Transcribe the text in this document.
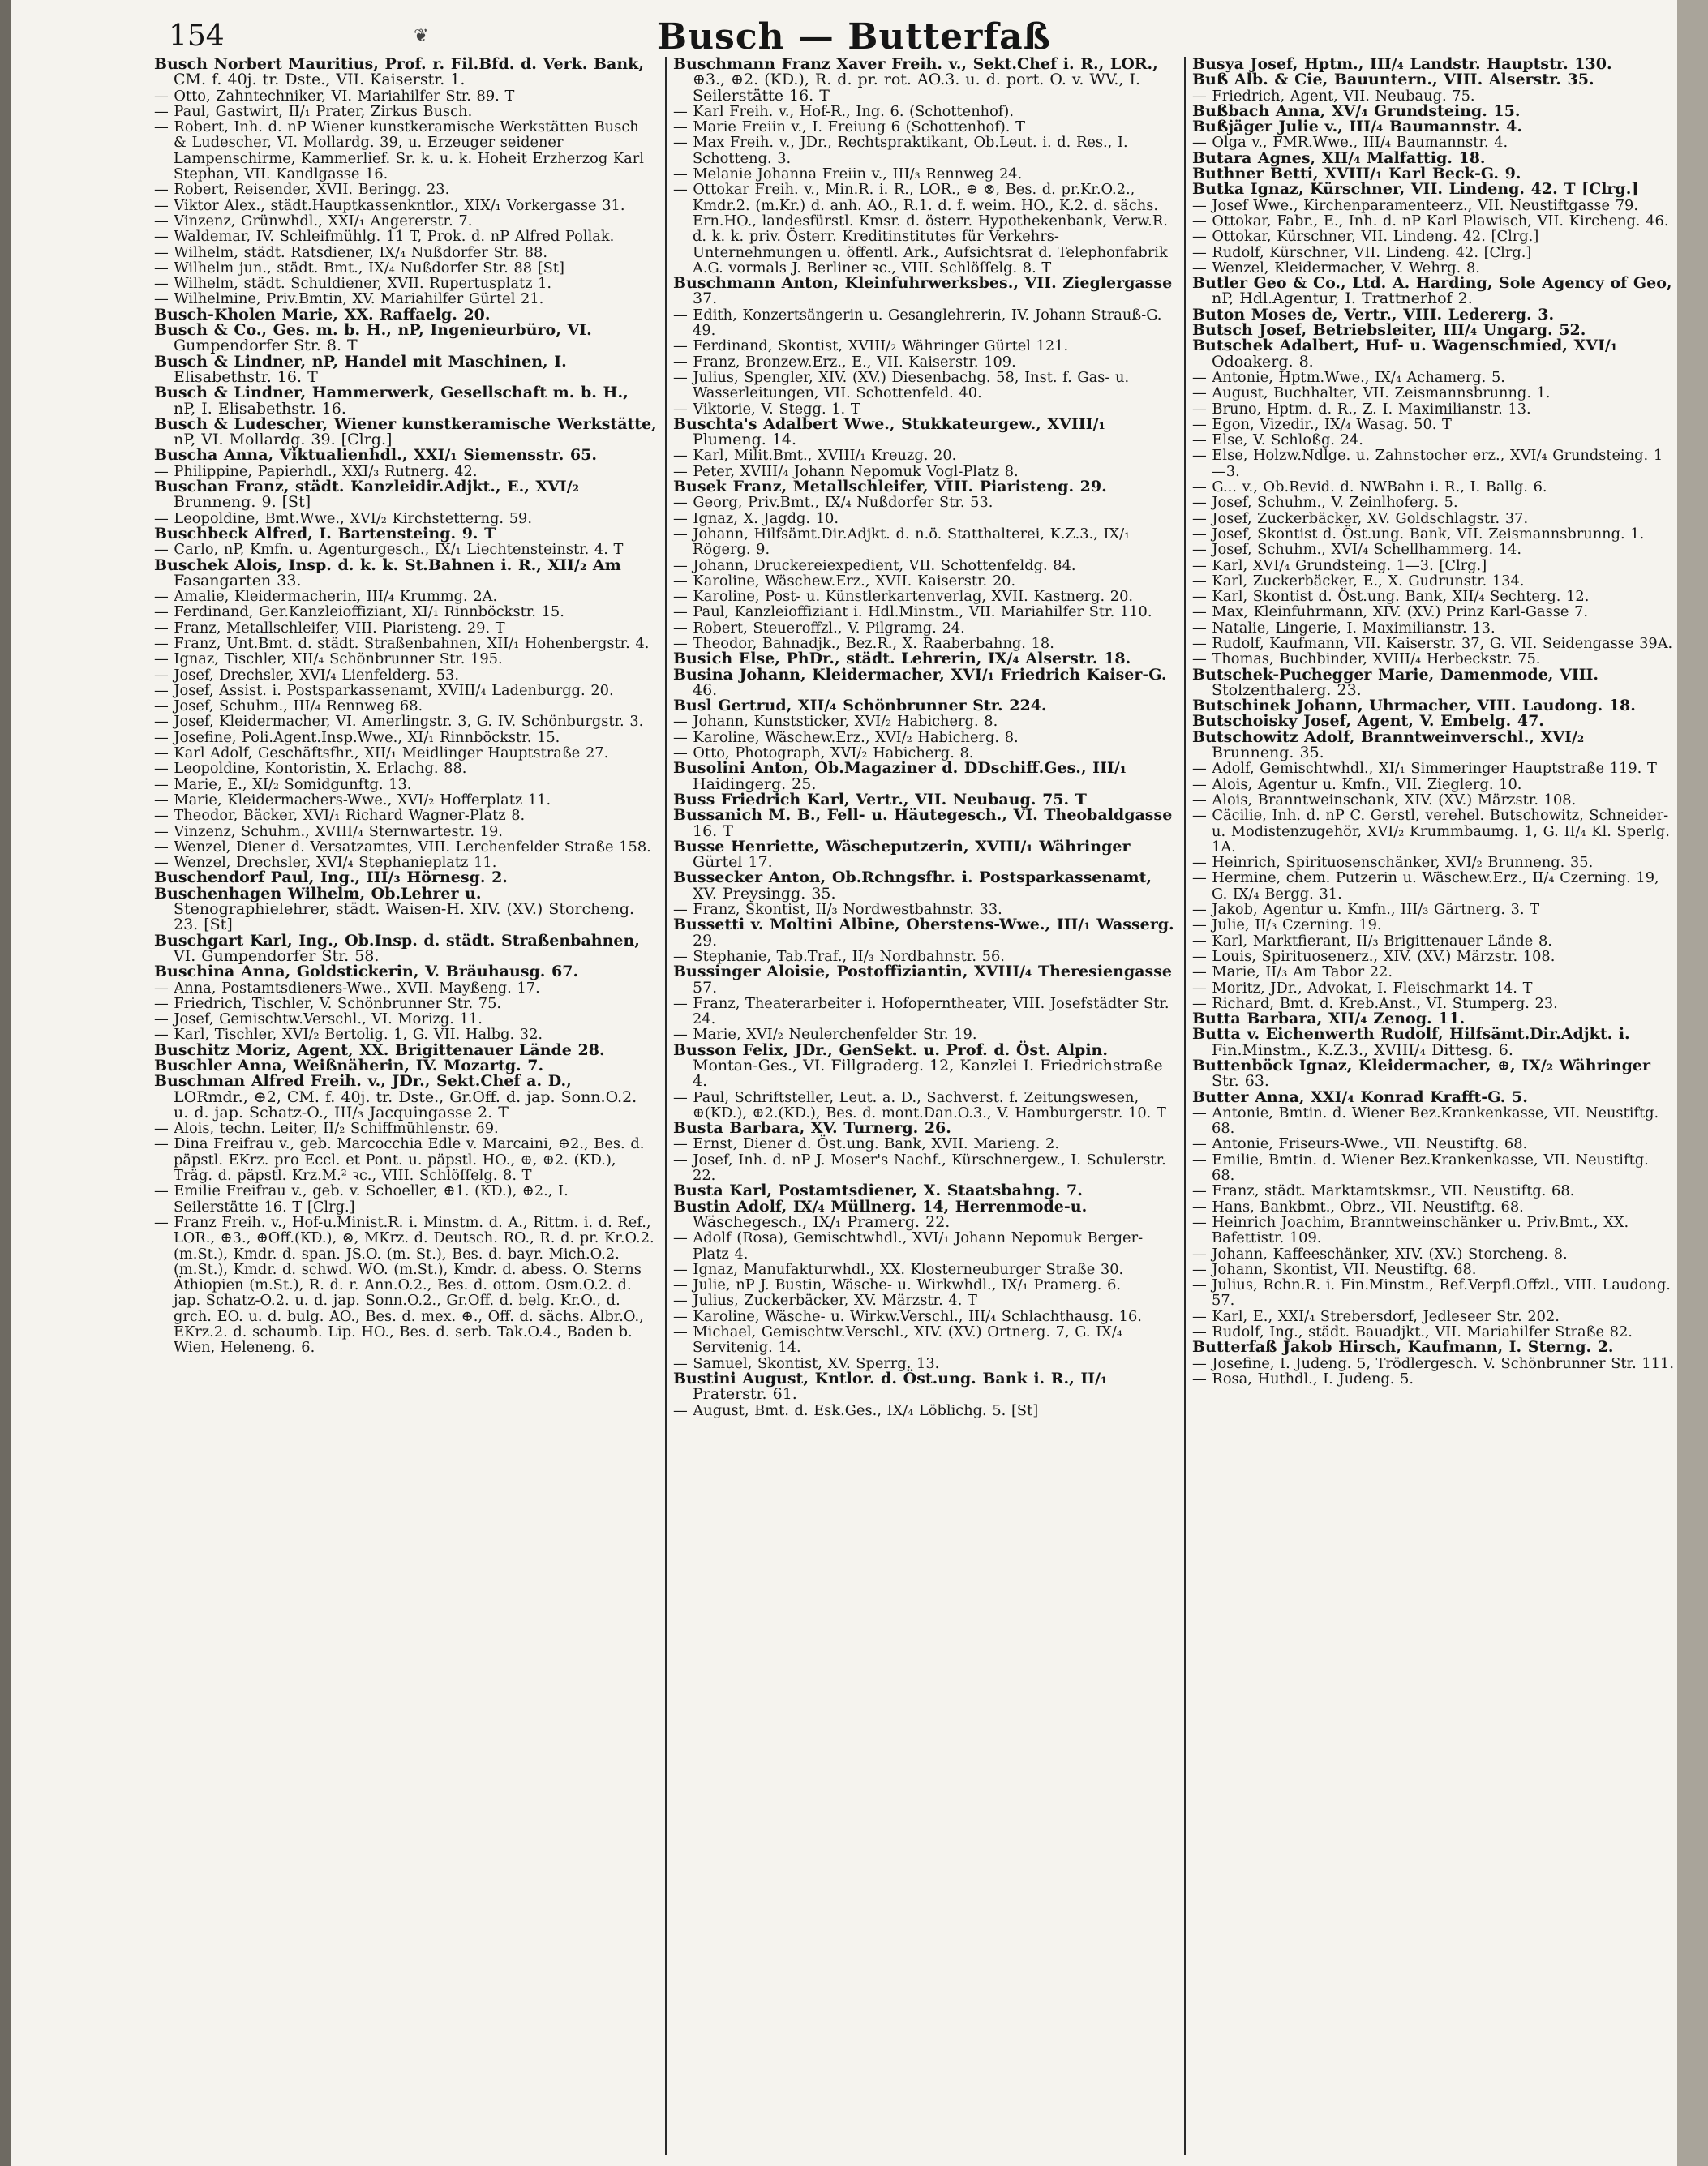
154	❦	Busch — Butterfaß
Busch Norbert Mauritius, Prof. r. Fil.Bfd. d. Verk. Bank, CM. f. 40j. tr. Dste., VII. Kaiserstr. 1.
— Otto, Zahntechniker, VI. Mariahilfer Str. 89. T
— Paul, Gastwirt, II/₁ Prater, Zirkus Busch.
— Robert, Inh. d. nP Wiener kunstkeramische Werkstätten Busch & Ludescher, VI. Mollardg. 39, u. Erzeuger seidener Lampenschirme, Kammerlief. Sr. k. u. k. Hoheit Erzherzog Karl Stephan, VII. Kandlgasse 16.
— Robert, Reisender, XVII. Beringg. 23.
— Viktor Alex., städt.Hauptkassenkntlor., XIX/₁ Vorkergasse 31.
— Vinzenz, Grünwhdl., XXI/₁ Angererstr. 7.
— Waldemar, IV. Schleifmühlg. 11 T, Prok. d. nP Alfred Pollak.
— Wilhelm, städt. Ratsdiener, IX/₄ Nußdorfer Str. 88.
— Wilhelm jun., städt. Bmt., IX/₄ Nußdorfer Str. 88 [St]
— Wilhelm, städt. Schuldiener, XVII. Rupertusplatz 1.
— Wilhelmine, Priv.Bmtin, XV. Mariahilfer Gürtel 21.
Busch-Kholen Marie, XX. Raffaelg. 20.
Busch & Co., Ges. m. b. H., nP, Ingenieurbüro, VI. Gumpendorfer Str. 8. T
Busch & Lindner, nP, Handel mit Maschinen, I. Elisabethstr. 16. T
Busch & Lindner, Hammerwerk, Gesellschaft m. b. H., nP, I. Elisabethstr. 16.
Busch & Ludescher, Wiener kunstkeramische Werkstätte, nP, VI. Mollardg. 39. [Clrg.]
Buscha Anna, Viktualienhdl., XXI/₁ Siemensstr. 65.
— Philippine, Papierhdl., XXI/₃ Rutnerg. 42.
Buschan Franz, städt. Kanzleidir.Adjkt., E., XVI/₂ Brunneng. 9. [St]
— Leopoldine, Bmt.Wwe., XVI/₂ Kirchstetterng. 59.
Buschbeck Alfred, I. Bartensteing. 9. T
— Carlo, nP, Kmfn. u. Agenturgesch., IX/₁ Liechtensteinstr. 4. T
Buschek Alois, Insp. d. k. k. St.Bahnen i. R., XII/₂ Am Fasangarten 33.
— Amalie, Kleidermacherin, III/₄ Krummg. 2A.
— Ferdinand, Ger.Kanzleioffiziant, XI/₁ Rinnböckstr. 15.
— Franz, Metallschleifer, VIII. Piaristeng. 29. T
— Franz, Unt.Bmt. d. städt. Straßenbahnen, XII/₁ Hohenbergstr. 4.
— Ignaz, Tischler, XII/₄ Schönbrunner Str. 195.
— Josef, Drechsler, XVI/₄ Lienfelderg. 53.
— Josef, Assist. i. Postsparkassenamt, XVIII/₄ Ladenburgg. 20.
— Josef, Schuhm., III/₄ Rennweg 68.
— Josef, Kleidermacher, VI. Amerlingstr. 3, G. IV. Schönburgstr. 3.
— Josefine, Poli.Agent.Insp.Wwe., XI/₁ Rinnböckstr. 15.
— Karl Adolf, Geschäftsfhr., XII/₁ Meidlinger Hauptstraße 27.
— Leopoldine, Kontoristin, X. Erlachg. 88.
— Marie, E., XI/₂ Somidgunftg. 13.
— Marie, Kleidermachers-Wwe., XVI/₂ Hofferplatz 11.
— Theodor, Bäcker, XVI/₁ Richard Wagner-Platz 8.
— Vinzenz, Schuhm., XVIII/₄ Sternwartestr. 19.
— Wenzel, Diener d. Versatzamtes, VIII. Lerchenfelder Straße 158.
— Wenzel, Drechsler, XVI/₄ Stephanieplatz 11.
Buschendorf Paul, Ing., III/₃ Hörnesg. 2.
Buschenhagen Wilhelm, Ob.Lehrer u. Stenographielehrer, städt. Waisen-H. XIV. (XV.) Storcheng. 23. [St]
Buschgart Karl, Ing., Ob.Insp. d. städt. Straßenbahnen, VI. Gumpendorfer Str. 58.
Buschina Anna, Goldstickerin, V. Bräuhausg. 67.
— Anna, Postamtsdieners-Wwe., XVII. Mayßeng. 17.
— Friedrich, Tischler, V. Schönbrunner Str. 75.
— Josef, Gemischtw.Verschl., VI. Morizg. 11.
— Karl, Tischler, XVI/₂ Bertolig. 1, G. VII. Halbg. 32.
Buschitz Moriz, Agent, XX. Brigittenauer Lände 28.
Buschler Anna, Weißnäherin, IV. Mozartg. 7.
Buschman Alfred Freih. v., JDr., Sekt.Chef a. D., LORmdr., ⊕2, CM. f. 40j. tr. Dste., Gr.Off. d. jap. Sonn.O.2. u. d. jap. Schatz-O., III/₃ Jacquingasse 2. T
— Alois, techn. Leiter, II/₂ Schiffmühlenstr. 69.
— Dina Freifrau v., geb. Marcocchia Edle v. Marcaini, ⊕2., Bes. d. päpstl. EKrz. pro Eccl. et Pont. u. päpstl. HO., ⊕, ⊕2. (KD.), Träg. d. päpstl. Krz.M.² ꝛc., VIII. Schlöſſelg. 8. T
— Emilie Freifrau v., geb. v. Schoeller, ⊕1. (KD.), ⊕2., I. Seilerstätte 16. T [Clrg.]
— Franz Freih. v., Hof-u.Minist.R. i. Minstm. d. A., Rittm. i. d. Ref., LOR., ⊕3., ⊕Off.(KD.), ⊗, MKrz. d. Deutsch. RO., R. d. pr. Kr.O.2. (m.St.), Kmdr. d. span. JS.O. (m. St.), Bes. d. bayr. Mich.O.2. (m.St.), Kmdr. d. schwd. WO. (m.St.), Kmdr. d. abess. O. Sterns Äthiopien (m.St.), R. d. r. Ann.O.2., Bes. d. ottom. Osm.O.2. d. jap. Schatz-O.2. u. d. jap. Sonn.O.2., Gr.Off. d. belg. Kr.O., d. grch. EO. u. d. bulg. AO., Bes. d. mex. ⊕., Off. d. sächs. Albr.O., EKrz.2. d. schaumb. Lip. HO., Bes. d. serb. Tak.O.4., Baden b. Wien, Heleneng. 6.
Buschmann Franz Xaver Freih. v., Sekt.Chef i. R., LOR., ⊕3., ⊕2. (KD.), R. d. pr. rot. AO.3. u. d. port. O. v. WV., I. Seilerstätte 16. T
— Karl Freih. v., Hof-R., Ing. 6. (Schottenhof).
— Marie Freiin v., I. Freiung 6 (Schottenhof). T
— Max Freih. v., JDr., Rechtspraktikant, Ob.Leut. i. d. Res., I. Schotteng. 3.
— Melanie Johanna Freiin v., III/₃ Rennweg 24.
— Ottokar Freih. v., Min.R. i. R., LOR., ⊕ ⊗, Bes. d. pr.Kr.O.2., Kmdr.2. (m.Kr.) d. anh. AO., R.1. d. f. weim. HO., K.2. d. sächs. Ern.HO., landesfürstl. Kmsr. d. österr. Hypothekenbank, Verw.R. d. k. k. priv. Österr. Kreditinstitutes für Verkehrs-Unternehmungen u. öffentl. Ark., Aufsichtsrat d. Telephonfabrik A.G. vormals J. Berliner ꝛc., VIII. Schlöſſelg. 8. T
Buschmann Anton, Kleinfuhrwerksbes., VII. Zieglergasse 37.
— Edith, Konzertsängerin u. Gesanglehrerin, IV. Johann Strauß-G. 49.
— Ferdinand, Skontist, XVIII/₂ Währinger Gürtel 121.
— Franz, Bronzew.Erz., E., VII. Kaiserstr. 109.
— Julius, Spengler, XIV. (XV.) Diesenbachg. 58, Inst. f. Gas- u. Wasserleitungen, VII. Schottenfeld. 40.
— Viktorie, V. Stegg. 1. T
Buschta's Adalbert Wwe., Stukkateurgew., XVIII/₁ Plumeng. 14.
— Karl, Milit.Bmt., XVIII/₁ Kreuzg. 20.
— Peter, XVIII/₄ Johann Nepomuk Vogl-Platz 8.
Busek Franz, Metallschleifer, VIII. Piaristeng. 29.
— Georg, Priv.Bmt., IX/₄ Nußdorfer Str. 53.
— Ignaz, X. Jagdg. 10.
— Johann, Hilfsämt.Dir.Adjkt. d. n.ö. Statthalterei, K.Z.3., IX/₁ Rögerg. 9.
— Johann, Druckereiexpedient, VII. Schottenfeldg. 84.
— Karoline, Wäschew.Erz., XVII. Kaiserstr. 20.
— Karoline, Post- u. Künstlerkartenverlag, XVII. Kastnerg. 20.
— Paul, Kanzleioffiziant i. Hdl.Minstm., VII. Mariahilfer Str. 110.
— Robert, Steueroffzl., V. Pilgramg. 24.
— Theodor, Bahnadjk., Bez.R., X. Raaberbahng. 18.
Busich Else, PhDr., städt. Lehrerin, IX/₄ Alserstr. 18.
Busina Johann, Kleidermacher, XVI/₁ Friedrich Kaiser-G. 46.
Busl Gertrud, XII/₄ Schönbrunner Str. 224.
— Johann, Kunststicker, XVI/₂ Habicherg. 8.
— Karoline, Wäschew.Erz., XVI/₂ Habicherg. 8.
— Otto, Photograph, XVI/₂ Habicherg. 8.
Busolini Anton, Ob.Magaziner d. DDschiff.Ges., III/₁ Haidingerg. 25.
Buss Friedrich Karl, Vertr., VII. Neubaug. 75. T
Bussanich M. B., Fell- u. Häutegesch., VI. Theobaldgasse 16. T
Busse Henriette, Wäscheputzerin, XVIII/₁ Währinger Gürtel 17.
Bussecker Anton, Ob.Rchngsfhr. i. Postsparkassenamt, XV. Preysingg. 35.
— Franz, Skontist, II/₃ Nordwestbahnstr. 33.
Bussetti v. Moltini Albine, Oberstens-Wwe., III/₁ Wasserg. 29.
— Stephanie, Tab.Traf., II/₃ Nordbahnstr. 56.
Bussinger Aloisie, Postoffiziantin, XVIII/₄ Theresiengasse 57.
— Franz, Theaterarbeiter i. Hofoperntheater, VIII. Josefstädter Str. 24.
— Marie, XVI/₂ Neulerchenfelder Str. 19.
Busson Felix, JDr., GenSekt. u. Prof. d. Öst. Alpin. Montan-Ges., VI. Fillgraderg. 12, Kanzlei I. Friedrichstraße 4.
— Paul, Schriftsteller, Leut. a. D., Sachverst. f. Zeitungswesen, ⊕(KD.), ⊕2.(KD.), Bes. d. mont.Dan.O.3., V. Hamburgerstr. 10. T
Busta Barbara, XV. Turnerg. 26.
— Ernst, Diener d. Öst.ung. Bank, XVII. Marieng. 2.
— Josef, Inh. d. nP J. Moser's Nachf., Kürschnergew., I. Schulerstr. 22.
Busta Karl, Postamtsdiener, X. Staatsbahng. 7.
Bustin Adolf, IX/₄ Müllnerg. 14, Herrenmode-u. Wäschegesch., IX/₁ Pramerg. 22.
— Adolf (Rosa), Gemischtwhdl., XVI/₁ Johann Nepomuk Berger-Platz 4.
— Ignaz, Manufakturwhdl., XX. Klosterneuburger Straße 30.
— Julie, nP J. Bustin, Wäsche- u. Wirkwhdl., IX/₁ Pramerg. 6.
— Julius, Zuckerbäcker, XV. Märzstr. 4. T
— Karoline, Wäsche- u. Wirkw.Verschl., III/₄ Schlachthausg. 16.
— Michael, Gemischtw.Verschl., XIV. (XV.) Ortnerg. 7, G. IX/₄ Servitenig. 14.
— Samuel, Skontist, XV. Sperrg. 13.
Bustini August, Kntlor. d. Öst.ung. Bank i. R., II/₁ Praterstr. 61.
— August, Bmt. d. Esk.Ges., IX/₄ Löblichg. 5. [St]
Busya Josef, Hptm., III/₄ Landstr. Hauptstr. 130.
Buß Alb. & Cie, Bauuntern., VIII. Alserstr. 35.
— Friedrich, Agent, VII. Neubaug. 75.
Bußbach Anna, XV/₄ Grundsteing. 15.
Bußjäger Julie v., III/₄ Baumannstr. 4.
— Olga v., FMR.Wwe., III/₄ Baumannstr. 4.
Butara Agnes, XII/₄ Malfattig. 18.
Buthner Betti, XVIII/₁ Karl Beck-G. 9.
Butka Ignaz, Kürschner, VII. Lindeng. 42. T [Clrg.]
— Josef Wwe., Kirchenparamenteerz., VII. Neustiftgasse 79.
— Ottokar, Fabr., E., Inh. d. nP Karl Plawisch, VII. Kircheng. 46.
— Ottokar, Kürschner, VII. Lindeng. 42. [Clrg.]
— Rudolf, Kürschner, VII. Lindeng. 42. [Clrg.]
— Wenzel, Kleidermacher, V. Wehrg. 8.
Butler Geo & Co., Ltd. A. Harding, Sole Agency of Geo, nP, Hdl.Agentur, I. Trattnerhof 2.
Buton Moses de, Vertr., VIII. Ledererg. 3.
Butsch Josef, Betriebsleiter, III/₄ Ungarg. 52.
Butschek Adalbert, Huf- u. Wagenschmied, XVI/₁ Odoakerg. 8.
— Antonie, Hptm.Wwe., IX/₄ Achamerg. 5.
— August, Buchhalter, VII. Zeismannsbrunng. 1.
— Bruno, Hptm. d. R., Z. I. Maximilianstr. 13.
— Egon, Vizedir., IX/₄ Wasag. 50. T
— Else, V. Schloßg. 24.
— Else, Holzw.Ndlge. u. Zahnstocher erz., XVI/₄ Grundsteing. 1—3.
— G... v., Ob.Revid. d. NWBahn i. R., I. Ballg. 6.
— Josef, Schuhm., V. Zeinlhoferg. 5.
— Josef, Zuckerbäcker, XV. Goldschlagstr. 37.
— Josef, Skontist d. Öst.ung. Bank, VII. Zeismannsbrunng. 1.
— Josef, Schuhm., XVI/₄ Schellhammerg. 14.
— Karl, XVI/₄ Grundsteing. 1—3. [Clrg.]
— Karl, Zuckerbäcker, E., X. Gudrunstr. 134.
— Karl, Skontist d. Öst.ung. Bank, XII/₄ Sechterg. 12.
— Max, Kleinfuhrmann, XIV. (XV.) Prinz Karl-Gasse 7.
— Natalie, Lingerie, I. Maximilianstr. 13.
— Rudolf, Kaufmann, VII. Kaiserstr. 37, G. VII. Seidengasse 39A.
— Thomas, Buchbinder, XVIII/₄ Herbeckstr. 75.
Butschek-Puchegger Marie, Damenmode, VIII. Stolzenthalerg. 23.
Butschinek Johann, Uhrmacher, VIII. Laudong. 18.
Butschoisky Josef, Agent, V. Embelg. 47.
Butschowitz Adolf, Branntweinverschl., XVI/₂ Brunneng. 35.
— Adolf, Gemischtwhdl., XI/₁ Simmeringer Hauptstraße 119. T
— Alois, Agentur u. Kmfn., VII. Zieglerg. 10.
— Alois, Branntweinschank, XIV. (XV.) Märzstr. 108.
— Cäcilie, Inh. d. nP C. Gerstl, verehel. Butschowitz, Schneider- u. Modistenzugehör, XVI/₂ Krummbaumg. 1, G. II/₄ Kl. Sperlg. 1A.
— Heinrich, Spirituosenschänker, XVI/₂ Brunneng. 35.
— Hermine, chem. Putzerin u. Wäschew.Erz., II/₄ Czerning. 19, G. IX/₄ Bergg. 31.
— Jakob, Agentur u. Kmfn., III/₃ Gärtnerg. 3. T
— Julie, II/₃ Czerning. 19.
— Karl, Marktfierant, II/₃ Brigittenauer Lände 8.
— Louis, Spirituosenerz., XIV. (XV.) Märzstr. 108.
— Marie, II/₃ Am Tabor 22.
— Moritz, JDr., Advokat, I. Fleischmarkt 14. T
— Richard, Bmt. d. Kreb.Anst., VI. Stumperg. 23.
Butta Barbara, XII/₄ Zenog. 11.
Butta v. Eichenwerth Rudolf, Hilfsämt.Dir.Adjkt. i. Fin.Minstm., K.Z.3., XVIII/₄ Dittesg. 6.
Buttenböck Ignaz, Kleidermacher, ⊕, IX/₂ Währinger Str. 63.
Butter Anna, XXI/₄ Konrad Krafft-G. 5.
— Antonie, Bmtin. d. Wiener Bez.Krankenkasse, VII. Neustiftg. 68.
— Antonie, Friseurs-Wwe., VII. Neustiftg. 68.
— Emilie, Bmtin. d. Wiener Bez.Krankenkasse, VII. Neustiftg. 68.
— Franz, städt. Marktamtskmsr., VII. Neustiftg. 68.
— Hans, Bankbmt., Obrz., VII. Neustiftg. 68.
— Heinrich Joachim, Branntweinschänker u. Priv.Bmt., XX. Bafettistr. 109.
— Johann, Kaffeeschänker, XIV. (XV.) Storcheng. 8.
— Johann, Skontist, VII. Neustiftg. 68.
— Julius, Rchn.R. i. Fin.Minstm., Ref.Verpfl.Offzl., VIII. Laudong. 57.
— Karl, E., XXI/₄ Strebersdorf, Jedleseer Str. 202.
— Rudolf, Ing., städt. Bauadjkt., VII. Mariahilfer Straße 82.
Butterfaß Jakob Hirsch, Kaufmann, I. Sterng. 2.
— Josefine, I. Judeng. 5, Trödlergesch. V. Schönbrunner Str. 111.
— Rosa, Huthdl., I. Judeng. 5.
